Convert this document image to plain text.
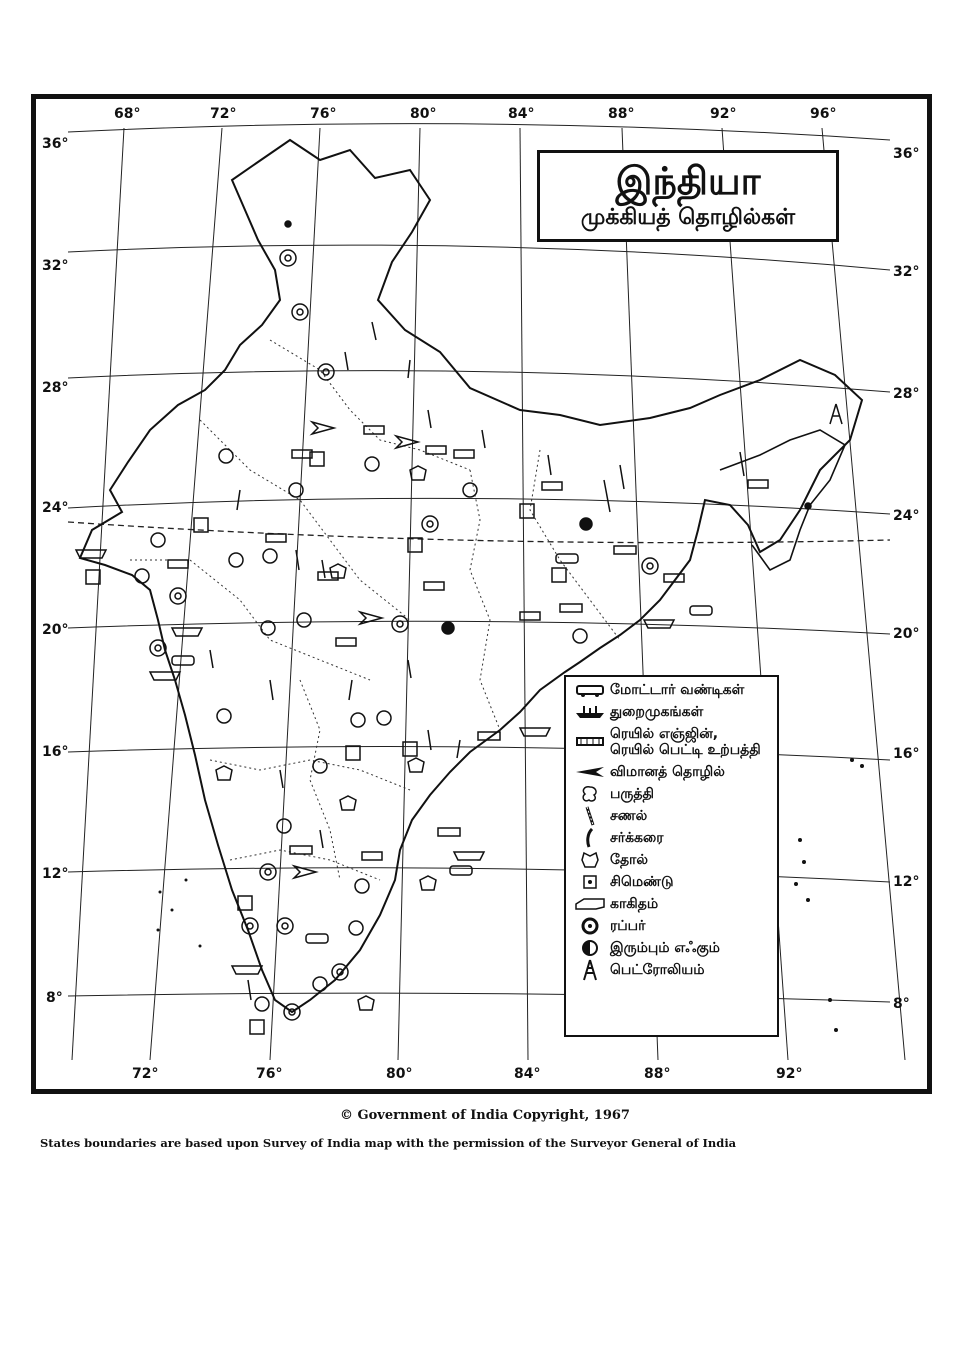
68°	72°	76°	80°	84°	88°	92°	96°
72°	76°	80°	84°	88°	92°
36°
32°
28°
24°
20°
16°
12°
8°
36°
32°
28°
24°
20°
16°
12°
8°
இந்தியா
முக்கியத் தொழில்கள்
மோட்டார் வண்டிகள்
துறைமுகங்கள்
ரெயில் எஞ்ஜின்,
ரெயில் பெட்டி உற்பத்தி
விமானத் தொழில்
பருத்தி
சணல்
சர்க்கரை
தோல்
சிமெண்டு
காகிதம்
ரப்பர்
இரும்பும் எஃகும்
பெட்ரோலியம்
© Government of India Copyright, 1967
States boundaries are based upon Survey of India map with the permission of the Surveyor General of India
